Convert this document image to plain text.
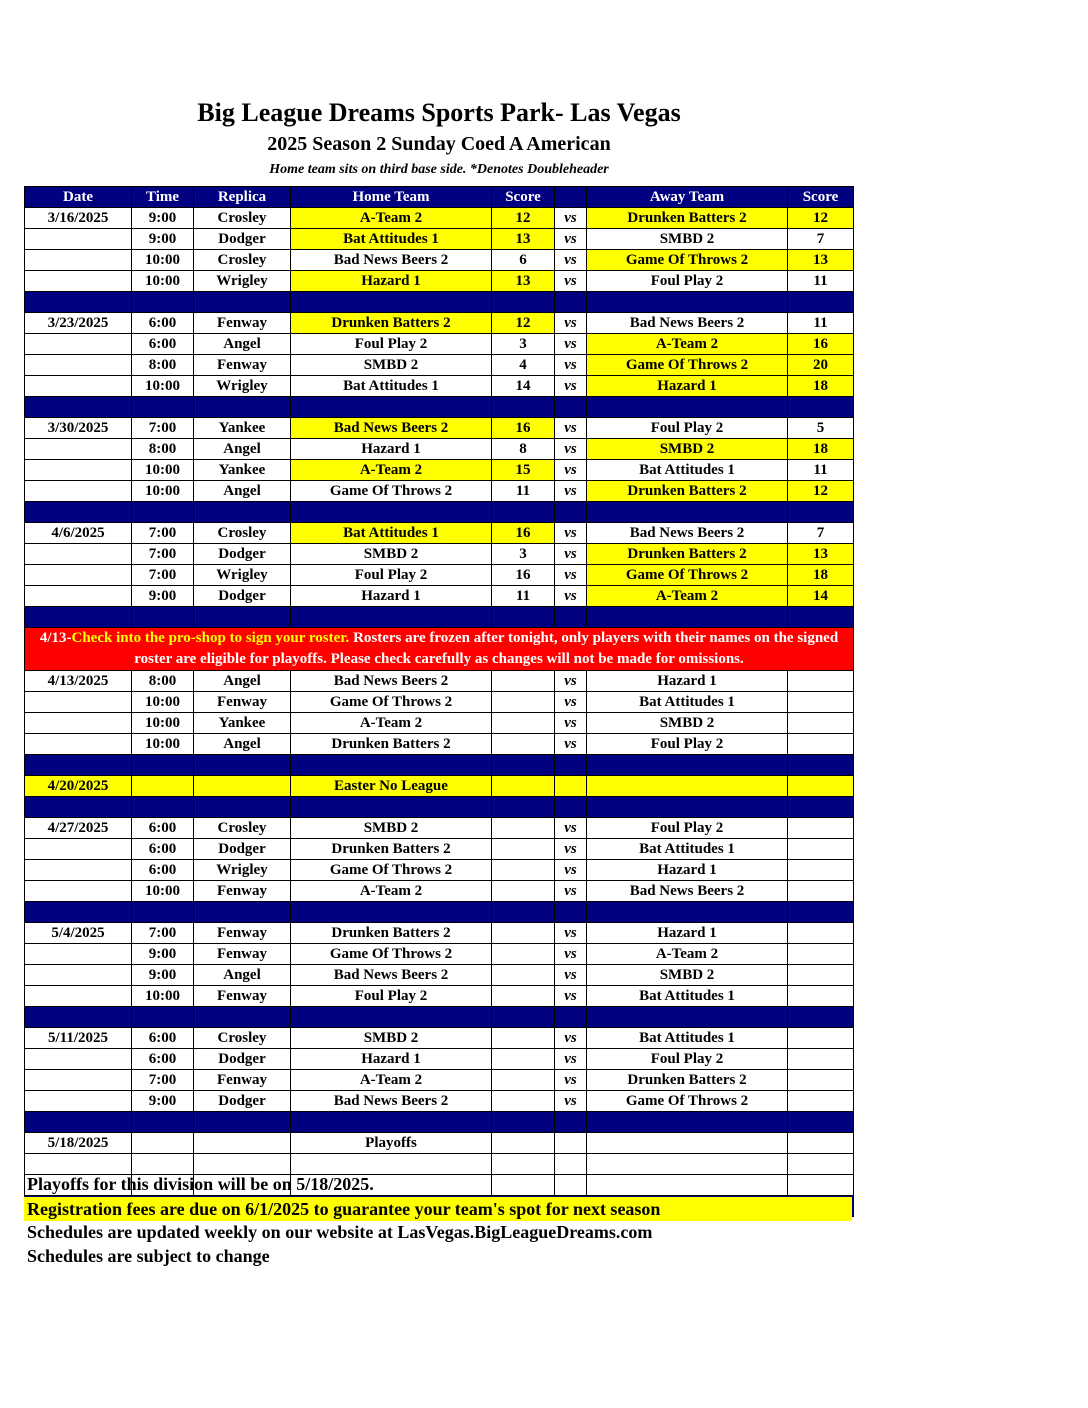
Big League Dreams Sports Park- Las Vegas
2025 Season 2 Sunday Coed A American
Home team sits on third base side. *Denotes Doubleheader
Date	Time	Replica	Home Team	Score		Away Team	Score
3/16/2025	9:00	Crosley	A-Team 2	12	vs	Drunken Batters 2	12
	9:00	Dodger	Bat Attitudes 1	13	vs	SMBD 2	7
	10:00	Crosley	Bad News Beers 2	6	vs	Game Of Throws 2	13
	10:00	Wrigley	Hazard 1	13	vs	Foul Play 2	11

3/23/2025	6:00	Fenway	Drunken Batters 2	12	vs	Bad News Beers 2	11
	6:00	Angel	Foul Play 2	3	vs	A-Team 2	16
	8:00	Fenway	SMBD 2	4	vs	Game Of Throws 2	20
	10:00	Wrigley	Bat Attitudes 1	14	vs	Hazard 1	18

3/30/2025	7:00	Yankee	Bad News Beers 2	16	vs	Foul Play 2	5
	8:00	Angel	Hazard 1	8	vs	SMBD 2	18
	10:00	Yankee	A-Team 2	15	vs	Bat Attitudes 1	11
	10:00	Angel	Game Of Throws 2	11	vs	Drunken Batters 2	12

4/6/2025	7:00	Crosley	Bat Attitudes 1	16	vs	Bad News Beers 2	7
	7:00	Dodger	SMBD 2	3	vs	Drunken Batters 2	13
	7:00	Wrigley	Foul Play 2	16	vs	Game Of Throws 2	18
	9:00	Dodger	Hazard 1	11	vs	A-Team 2	14

4/13-Check into the pro-shop to sign your roster. Rosters are frozen after tonight, only players with their names on the signed roster are eligible for playoffs. Please check carefully as changes will not be made for omissions.							
4/13/2025	8:00	Angel	Bad News Beers 2		vs	Hazard 1	
	10:00	Fenway	Game Of Throws 2		vs	Bat Attitudes 1	
	10:00	Yankee	A-Team 2		vs	SMBD 2	
	10:00	Angel	Drunken Batters 2		vs	Foul Play 2	

4/20/2025			Easter No League				

4/27/2025	6:00	Crosley	SMBD 2		vs	Foul Play 2	
	6:00	Dodger	Drunken Batters 2		vs	Bat Attitudes 1	
	6:00	Wrigley	Game Of Throws 2		vs	Hazard 1	
	10:00	Fenway	A-Team 2		vs	Bad News Beers 2	

5/4/2025	7:00	Fenway	Drunken Batters 2		vs	Hazard 1	
	9:00	Fenway	Game Of Throws 2		vs	A-Team 2	
	9:00	Angel	Bad News Beers 2		vs	SMBD 2	
	10:00	Fenway	Foul Play 2		vs	Bat Attitudes 1	

5/11/2025	6:00	Crosley	SMBD 2		vs	Bat Attitudes 1	
	6:00	Dodger	Hazard 1		vs	Foul Play 2	
	7:00	Fenway	A-Team 2		vs	Drunken Batters 2	
	9:00	Dodger	Bad News Beers 2		vs	Game Of Throws 2	

5/18/2025			Playoffs				

Playoffs for this division will be on 5/18/2025.
Registration fees are due on 6/1/2025 to guarantee your team's spot for next season
Schedules are updated weekly on our website at LasVegas.BigLeagueDreams.com
Schedules are subject to change
